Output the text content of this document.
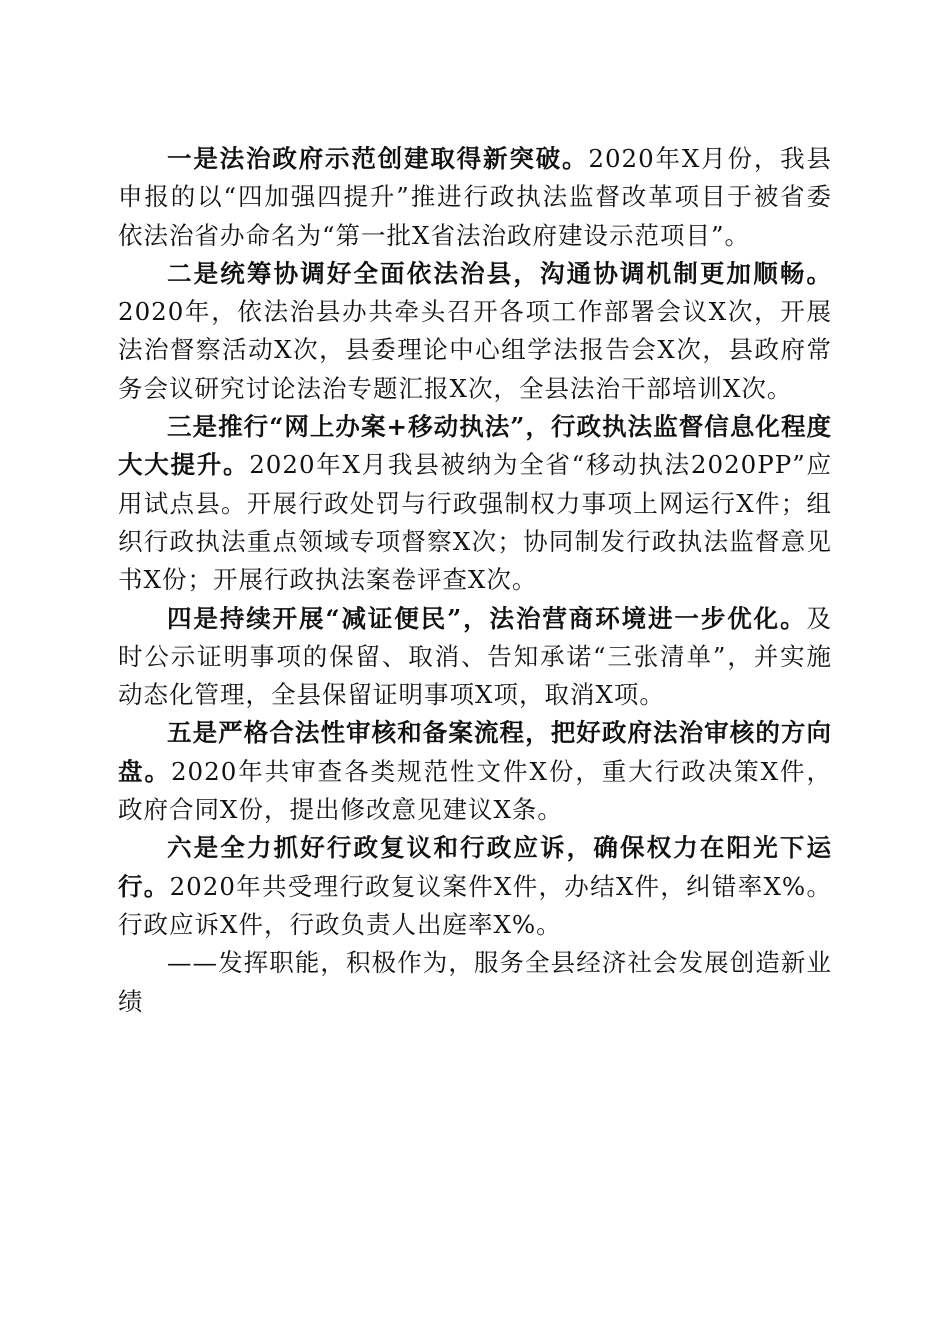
一是法治政府示范创建取得新突破。2020年X月份，我县申报的以“四加强四提升”推进行政执法监督改革项目于被省委依法治省办命名为“第一批X省法治政府建设示范项目”。

二是统筹协调好全面依法治县，沟通协调机制更加顺畅。2020年，依法治县办共牵头召开各项工作部署会议X次，开展法治督察活动X次，县委理论中心组学法报告会X次，县政府常务会议研究讨论法治专题汇报X次，全县法治干部培训X次。

三是推行“网上办案+移动执法”，行政执法监督信息化程度大大提升。2020年X月我县被纳为全省“移动执法2020PP”应用试点县。开展行政处罚与行政强制权力事项上网运行X件；组织行政执法重点领域专项督察X次；协同制发行政执法监督意见书X份；开展行政执法案卷评查X次。

四是持续开展“减证便民”，法治营商环境进一步优化。及时公示证明事项的保留、取消、告知承诺“三张清单”，并实施动态化管理，全县保留证明事项X项，取消X项。

五是严格合法性审核和备案流程，把好政府法治审核的方向盘。2020年共审查各类规范性文件X份，重大行政决策X件，政府合同X份，提出修改意见建议X条。

六是全力抓好行政复议和行政应诉，确保权力在阳光下运行。2020年共受理行政复议案件X件，办结X件，纠错率X%。行政应诉X件，行政负责人出庭率X%。

——发挥职能，积极作为，服务全县经济社会发展创造新业绩
